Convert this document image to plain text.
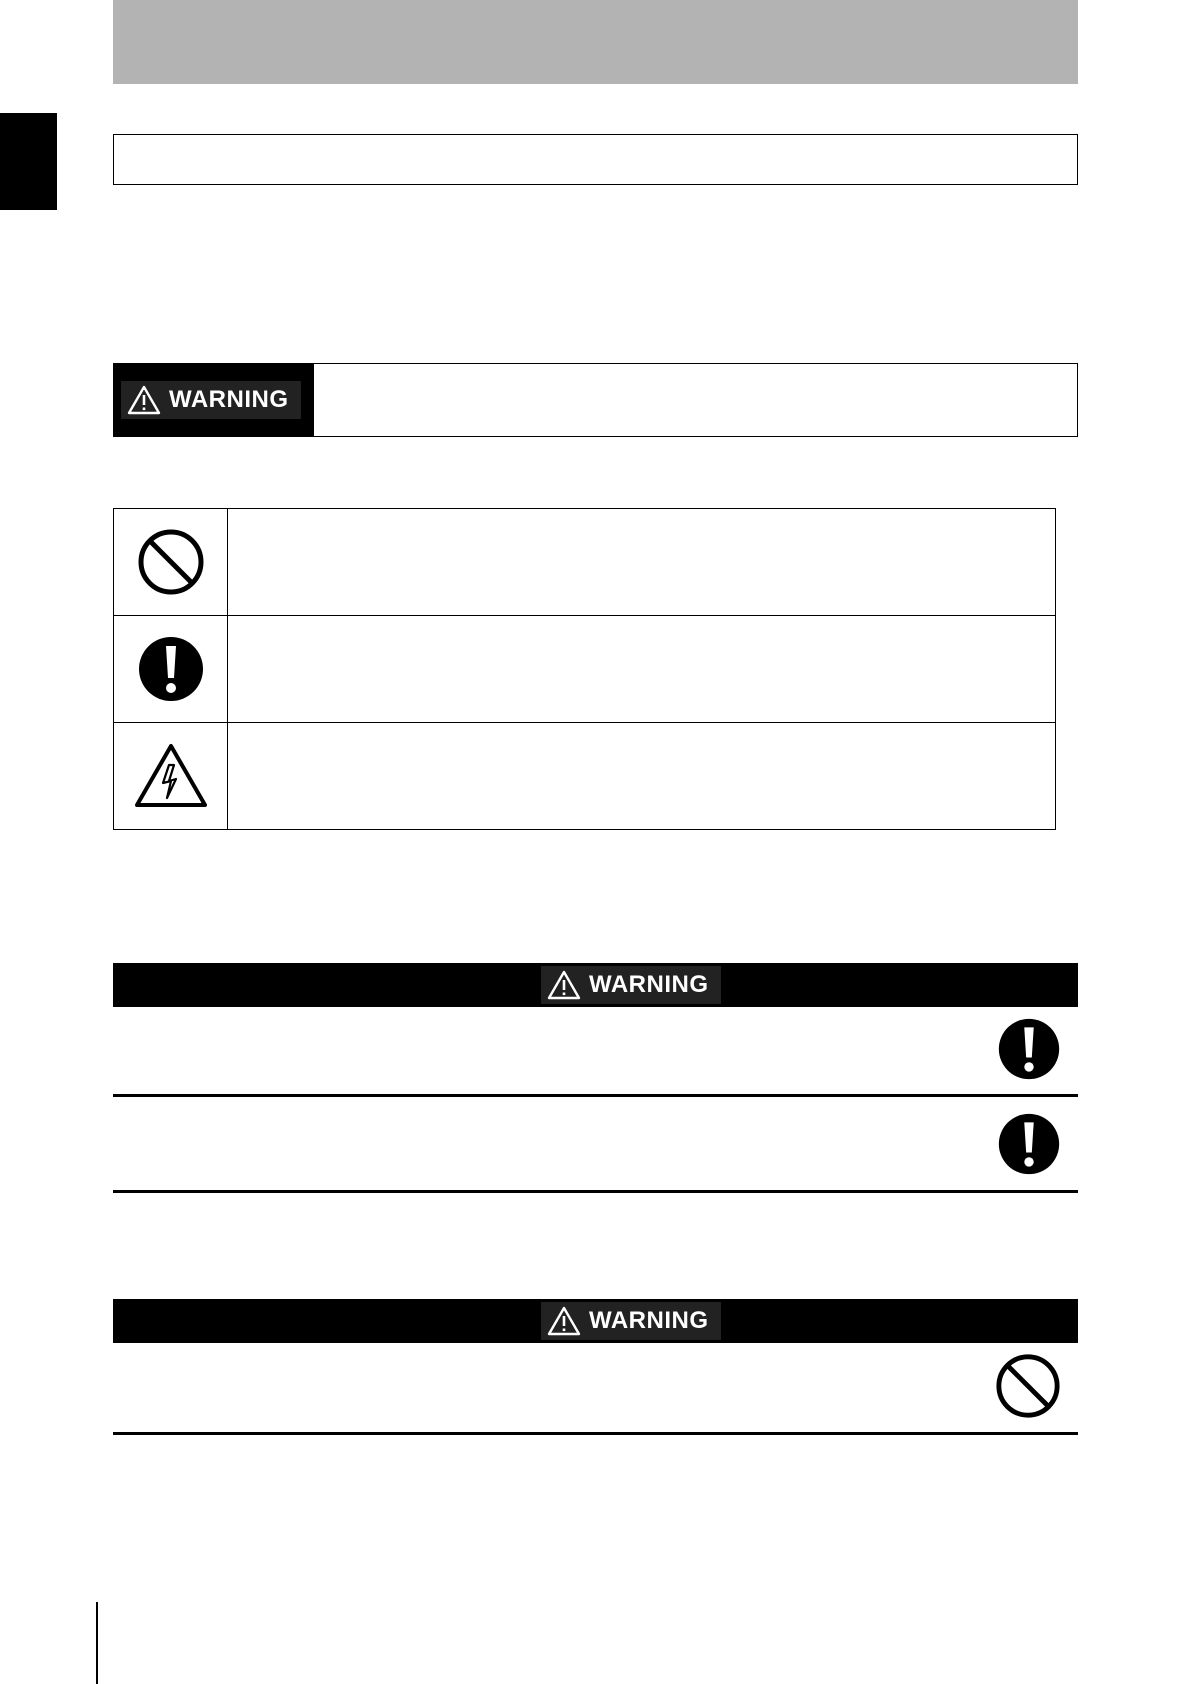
WARNING

WARNING
WARNING
